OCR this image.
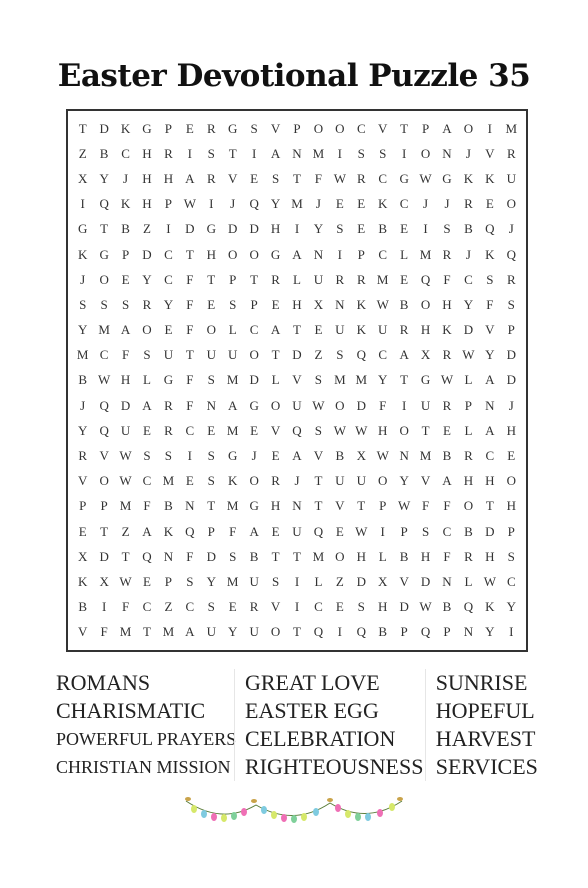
Easter Devotional Puzzle 35
T D K G	P	E	R G	S	V	P	O O C V T	P	A O	I	M
Z	B C H R	I	S	T	I	A N M	I	S	S	I	O N	J	V R
X Y	J	H H A R V E	S	T	F W R C G W G K K U
I	Q K H	P W	I	J	Q Y M	J	E	E K C	J	J	R	E O
G T	B	Z	I	D G D D H	I	Y	S	E	B	E	I	S	B Q	J
K G	P	D C	T H O O G A N	I	P	C	L M R	J	K Q
J	O E Y C	F	T	P	T	R	L U R R M E Q	F	C	S	R
S	S	S	R Y	F	E	S	P	E H X N K W B O H Y	F	S
Y M A O E	F	O L	C A T	E U K U R H K D V	P
M C	F	S	U T U U O T D Z	S	Q C A X R W Y D
B W H L G	F	S M D L V	S M M Y T G W L A D
J	Q D A R	F	N A G O U W O D	F	I	U R	P	N	J
Y Q U E	R C	E M E V Q	S W W H O T	E	L A H
R V W S	S	I	S	G	J	E A V B X W N M B R C	E
V O W C M E	S	K O R	J	T U U O Y V A H H O
P	P M F	B N T M G H N T V T	P W F	F	O T H
E	T	Z A K Q	P	F	A E U Q E W	I	P	S	C B D	P
X D T Q N	F	D	S	B	T	T M O H L	B H	F	R H	S
K X W E	P	S	Y M U	S	I	L	Z D X V D N L W C
B	I	F	C	Z	C	S	E	R V	I	C	E	S	H D W B Q K Y
V	F M T M A U Y U O T Q	I	Q B	P	Q	P	N Y	I
ROMANS
CHARISMATIC
POWERFUL PRAYERS
CHRISTIAN MISSION
GREAT LOVE
EASTER EGG
CELEBRATION
RIGHTEOUSNESS
SUNRISE
HOPEFUL
HARVEST
SERVICES
